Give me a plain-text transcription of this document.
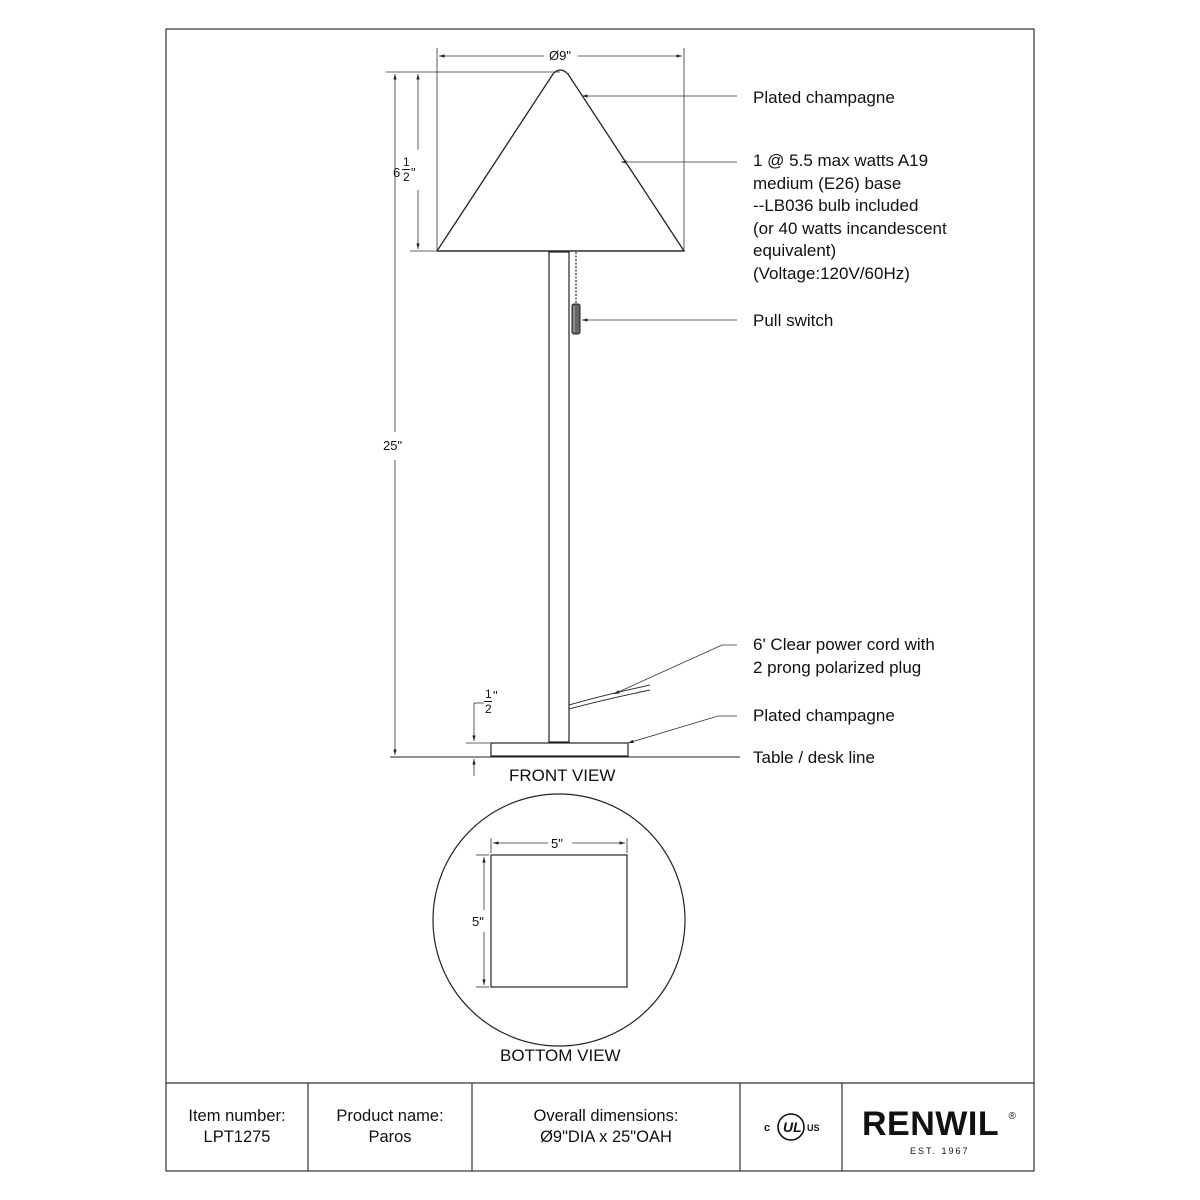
Ø9"
6
1
2 "
25"
1
2
"
5"
5"
Plated champagne
1 @ 5.5 max watts A19
medium (E26) base
--LB036 bulb included
(or 40 watts incandescent
equivalent)
(Voltage:120V/60Hz)
Pull switch
6' Clear power cord with
2 prong polarized plug
Plated champagne
Table / desk line
FRONT VIEW
BOTTOM VIEW
Item number:
LPT1275
Product name:
Paros
Overall dimensions:
Ø9"DIA x 25"OAH	c UL US RENWIL ®
EST. 1967
